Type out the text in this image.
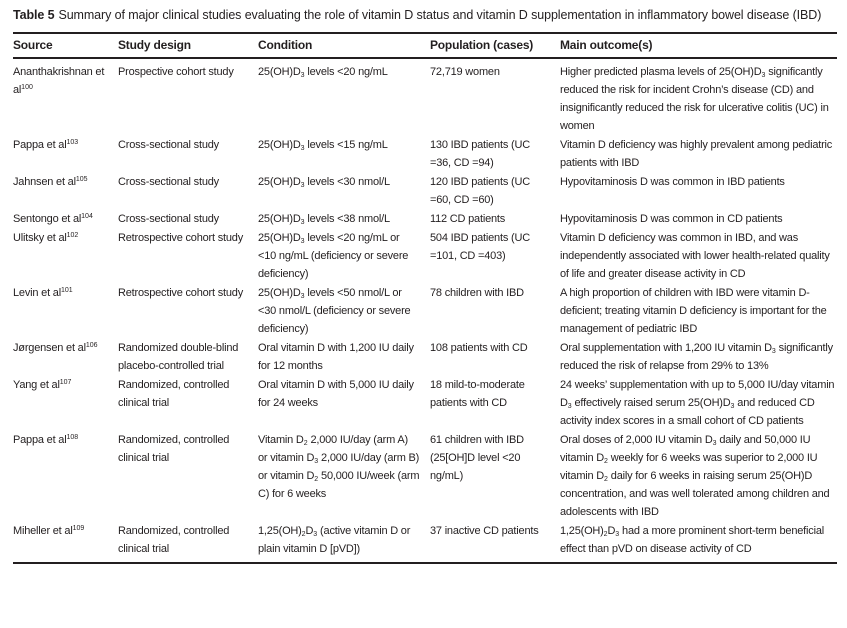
Table 5 Summary of major clinical studies evaluating the role of vitamin D status and vitamin D supplementation in inflammatory bowel disease (IBD)

Source	Study design	Condition	Population (cases)	Main outcome(s)
Ananthakrishnan et $al^{100}$	Prospective cohort study	$25(OH)D_3$ levels <20 ng/mL	72,719 women	Higher predicted plasma levels of $25(OH)D_3$ significantly reduced the risk for incident Crohn’s disease (CD) and insignificantly reduced the risk for ulcerative colitis (UC) in women
Pappa et $al^{103}$	Cross-sectional study	$25(OH)D_3$ levels <15 ng/mL	130 IBD patients (UC =36, CD =94)	Vitamin D deficiency was highly prevalent among pediatric patients with IBD
Jahnsen et $al^{105}$	Cross-sectional study	$25(OH)D_3$ levels <30 nmol/L	120 IBD patients (UC =60, CD =60)	Hypovitaminosis D was common in IBD patients
Sentongo et $al^{104}$	Cross-sectional study	$25(OH)D_3$ levels <38 nmol/L	112 CD patients	Hypovitaminosis D was common in CD patients
Ulitsky et $al^{102}$	Retrospective cohort study	$25(OH)D_3$ levels <20 ng/mL or <10 ng/mL (deficiency or severe deficiency)	504 IBD patients (UC =101, CD =403)	Vitamin D deficiency was common in IBD, and was independently associated with lower health-related quality of life and greater disease activity in CD
Levin et $al^{101}$	Retrospective cohort study	$25(OH)D_3$ levels <50 nmol/L or <30 nmol/L (deficiency or severe deficiency)	78 children with IBD	A high proportion of children with IBD were vitamin D-deficient; treating vitamin D deficiency is important for the management of pediatric IBD
Jørgensen et $al^{106}$	Randomized double-blind placebo-controlled trial	Oral vitamin D with 1,200 IU daily for 12 months	108 patients with CD	Oral supplementation with 1,200 IU vitamin $D_3$ significantly reduced the risk of relapse from 29% to 13%
Yang et $al^{107}$	Randomized, controlled clinical trial	Oral vitamin D with 5,000 IU daily for 24 weeks	18 mild-to-moderate patients with CD	24 weeks’ supplementation with up to 5,000 IU/day vitamin $D_3$ effectively raised serum $25(OH)D_3$ and reduced CD activity index scores in a small cohort of CD patients
Pappa et $al^{108}$	Randomized, controlled clinical trial	Vitamin $D_2$ 2,000 IU/day (arm A) or vitamin $D_3$ 2,000 IU/day (arm B) or vitamin $D_2$ 50,000 IU/week (arm C) for 6 weeks	61 children with IBD (25[OH]D level <20 ng/mL)	Oral doses of 2,000 IU vitamin $D_3$ daily and 50,000 IU vitamin $D_2$ weekly for 6 weeks was superior to 2,000 IU vitamin $D_2$ daily for 6 weeks in raising serum 25(OH)D concentration, and was well tolerated among children and adolescents with IBD
Miheller et $al^{109}$	Randomized, controlled clinical trial	$1,25(OH)_2D_3$ (active vitamin D or plain vitamin D [pVD])	37 inactive CD patients	$1,25(OH)_2D_3$ had a more prominent short-term beneficial effect than pVD on disease activity of CD
